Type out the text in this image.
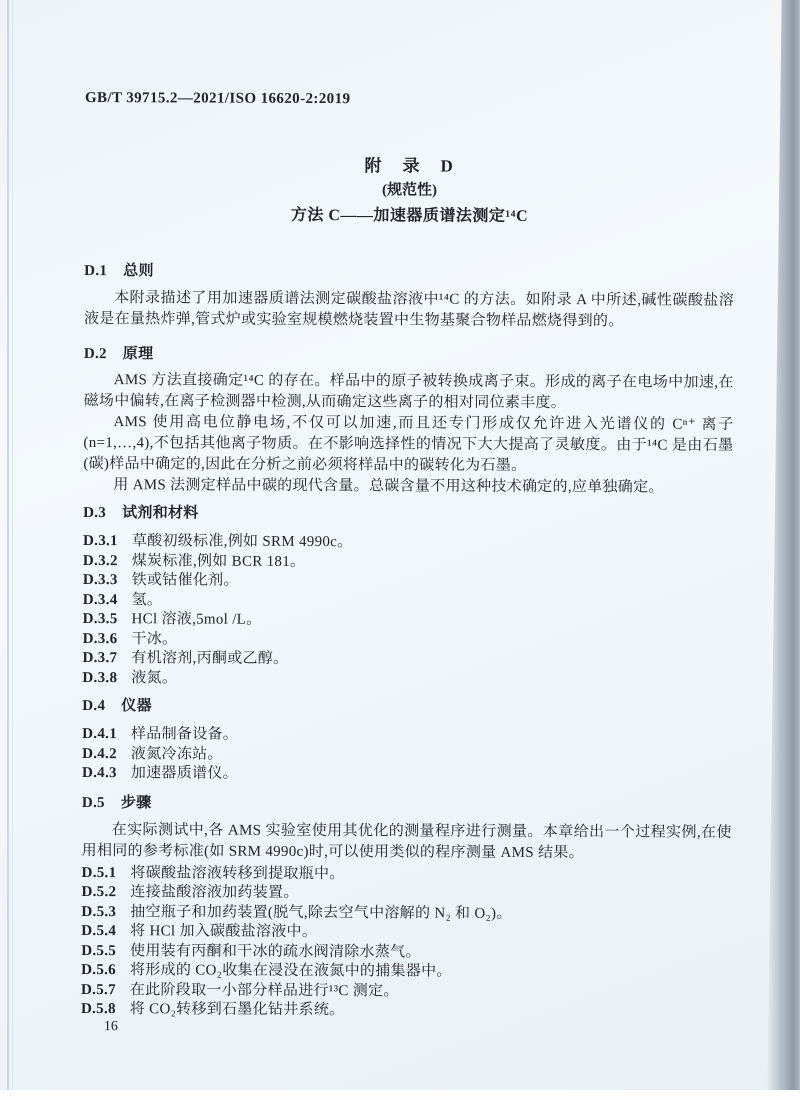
GB/T 39715.2—2021/ISO 16620-2:2019
附　录　D
(规范性)
方法 C——加速器质谱法测定¹⁴C
D.1 总则

本附录描述了用加速器质谱法测定碳酸盐溶液中¹⁴C 的方法。如附录 A 中所述,碱性碳酸盐溶液是在量热炸弹,管式炉或实验室规模燃烧装置中生物基聚合物样品燃烧得到的。

D.2 原理

AMS 方法直接确定¹⁴C 的存在。样品中的原子被转换成离子束。形成的离子在电场中加速,在磁场中偏转,在离子检测器中检测,从而确定这些离子的相对同位素丰度。

AMS 使用高电位静电场,不仅可以加速,而且还专门形成仅允许进入光谱仪的 Cⁿ⁺ 离子(n=1,…,4),不包括其他离子物质。在不影响选择性的情况下大大提高了灵敏度。由于¹⁴C 是由石墨(碳)样品中确定的,因此在分析之前必须将样品中的碳转化为石墨。

用 AMS 法测定样品中碳的现代含量。总碳含量不用这种技术确定的,应单独确定。

D.3 试剂和材料
D.3.1 草酸初级标准,例如 SRM 4990c。
D.3.2 煤炭标准,例如 BCR 181。
D.3.3 铁或钴催化剂。
D.3.4 氢。
D.3.5 HCl 溶液,5mol /L。
D.3.6 干冰。
D.3.7 有机溶剂,丙酮或乙醇。
D.3.8 液氮。
D.4 仪器
D.4.1 样品制备设备。
D.4.2 液氮冷冻站。
D.4.3 加速器质谱仪。
D.5 步骤

在实际测试中,各 AMS 实验室使用其优化的测量程序进行测量。本章给出一个过程实例,在使用相同的参考标准(如 SRM 4990c)时,可以使用类似的程序测量 AMS 结果。

D.5.1 将碳酸盐溶液转移到提取瓶中。
D.5.2 连接盐酸溶液加药装置。
D.5.3 抽空瓶子和加药装置(脱气,除去空气中溶解的 N₂ 和 O₂)。
D.5.4 将 HCl 加入碳酸盐溶液中。
D.5.5 使用装有丙酮和干冰的疏水阀清除水蒸气。
D.5.6 将形成的 CO₂收集在浸没在液氮中的捕集器中。
D.5.7 在此阶段取一小部分样品进行¹³C 测定。
D.5.8 将 CO₂转移到石墨化钻井系统。
16
